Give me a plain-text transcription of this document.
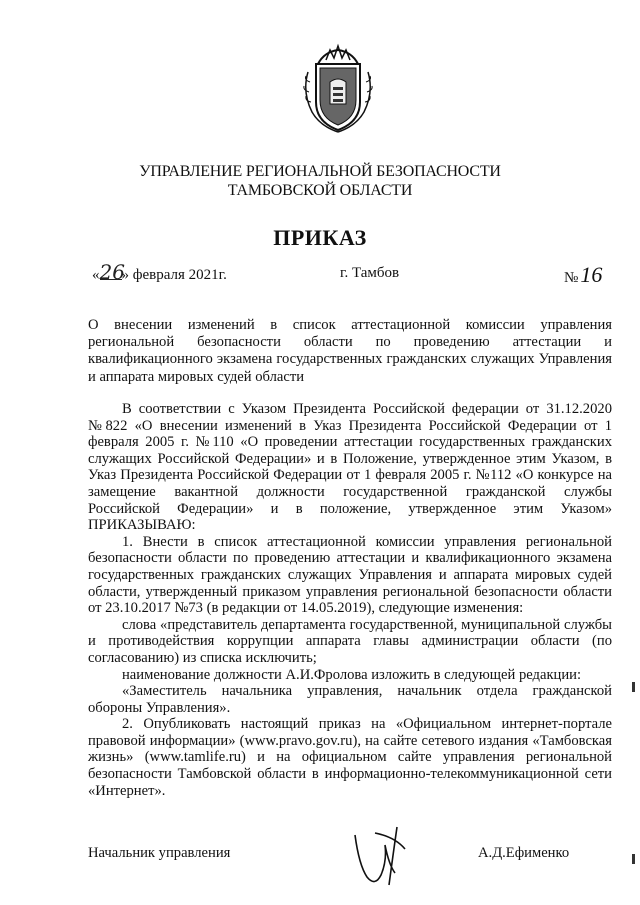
УПРАВЛЕНИЕ РЕГИОНАЛЬНОЙ БЕЗОПАСНОСТИ
ТАМБОВСКОЙ ОБЛАСТИ
ПРИКАЗ
«26» февраля 2021г.	г. Тамбов	№16
О внесении изменений в список аттестационной комиссии управления региональной безопасности области по проведению аттестации и квалификационного экзамена государственных гражданских служащих Управления и аппарата мировых судей области

В соответствии с Указом Президента Российской федерации от 31.12.2020 №822 «О внесении изменений в Указ Президента Российской Федерации от 1 февраля 2005 г. №110 «О проведении аттестации государственных гражданских служащих Российской Федерации» и в Положение, утвержденное этим Указом, в Указ Президента Российской Федерации от 1 февраля 2005 г. №112 «О конкурсе на замещение вакантной должности государственной гражданской службы Российской Федерации» и в положение, утвержденное этим Указом» ПРИКАЗЫВАЮ:

1. Внести в список аттестационной комиссии управления региональной безопасности области по проведению аттестации и квалификационного экзамена государственных гражданских служащих Управления и аппарата мировых судей области, утвержденный приказом управления региональной безопасности области от 23.10.2017 №73 (в редакции от 14.05.2019), следующие изменения:

слова «представитель департамента государственной, муниципальной службы и противодействия коррупции аппарата главы администрации области (по согласованию) из списка исключить;

наименование должности А.И.Фролова изложить в следующей редакции:

«Заместитель начальника управления, начальник отдела гражданской обороны Управления».

2. Опубликовать настоящий приказ на «Официальном интернет-портале правовой информации» (www.pravo.gov.ru), на сайте сетевого издания «Тамбовская жизнь» (www.tamlife.ru) и на официальном сайте управления региональной безопасности Тамбовской области в информационно-телекоммуникационной сети «Интернет».

Начальник управления	А.Д.Ефименко
